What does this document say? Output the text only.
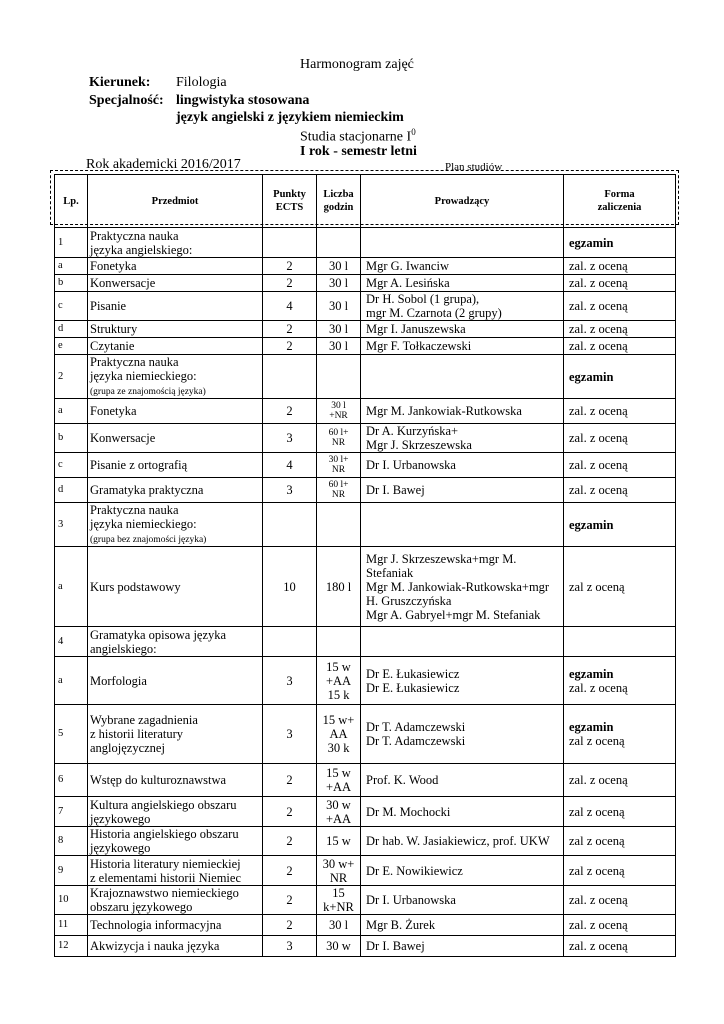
Harmonogram zajęć
Kierunek: Filologia
Specjalność: lingwistyka stosowana
język angielski z językiem niemieckim
Studia stacjonarne $I^0$
I rok - semestr letni
Rok akademicki 2016/2017	Plan studiów
Lp.	Przedmiot	Punkty
ECTS	Liczba
godzin	Prowadzący	Forma
zaliczenia
1	Praktyczna nauka
języka angielskiego:				egzamin
a	Fonetyka	2	30 l	Mgr G. Iwanciw	zal. z oceną
b	Konwersacje	2	30 l	Mgr A. Lesińska	zal. z oceną
c	Pisanie	4	30 l	Dr H. Sobol (1 grupa),
mgr M. Czarnota (2 grupy)	zal. z oceną
d	Struktury	2	30 l	Mgr I. Januszewska	zal. z oceną
e	Czytanie	2	30 l	Mgr F. Tołkaczewski	zal. z oceną
2	Praktyczna nauka
języka niemieckiego:
(grupa ze znajomością języka)				egzamin
a	Fonetyka	2	30 l
+NR	Mgr M. Jankowiak-Rutkowska	zal. z oceną
b	Konwersacje	3	60 l+
NR	Dr A. Kurzyńska+
Mgr J. Skrzeszewska	zal. z oceną
c	Pisanie z ortografią	4	30 l+
NR	Dr I. Urbanowska	zal. z oceną
d	Gramatyka praktyczna	3	60 l+
NR	Dr I. Bawej	zal. z oceną
3	Praktyczna nauka
języka niemieckiego:
(grupa bez znajomości języka)				egzamin
a	Kurs podstawowy	10	180 l	Mgr J. Skrzeszewska+mgr M.
Stefaniak
Mgr M. Jankowiak-Rutkowska+mgr
H. Gruszczyńska
Mgr A. Gabryel+mgr M. Stefaniak	zal z oceną
4	Gramatyka opisowa języka
angielskiego:				
a	Morfologia	3	15 w
+AA
15 k	Dr E. Łukasiewicz
Dr E. Łukasiewicz	egzamin
zal. z oceną
5	Wybrane zagadnienia
z historii literatury
anglojęzycznej	3	15 w+
AA
30 k	Dr T. Adamczewski
Dr T. Adamczewski	egzamin
zal z oceną
6	Wstęp do kulturoznawstwa	2	15 w
+AA	Prof. K. Wood	zal. z oceną
7	Kultura angielskiego obszaru
językowego	2	30 w
+AA	Dr M. Mochocki	zal z oceną
8	Historia angielskiego obszaru
językowego	2	15 w	Dr hab. W. Jasiakiewicz, prof. UKW	zal z oceną
9	Historia literatury niemieckiej
z elementami historii Niemiec	2	30 w+
NR	Dr E. Nowikiewicz	zal z oceną
10	Krajoznawstwo niemieckiego
obszaru językowego	2	15
k+NR	Dr I. Urbanowska	zal. z oceną
11	Technologia informacyjna	2	30 l	Mgr B. Żurek	zal. z oceną
12	Akwizycja i nauka języka	3	30 w	Dr I. Bawej	zal. z oceną
